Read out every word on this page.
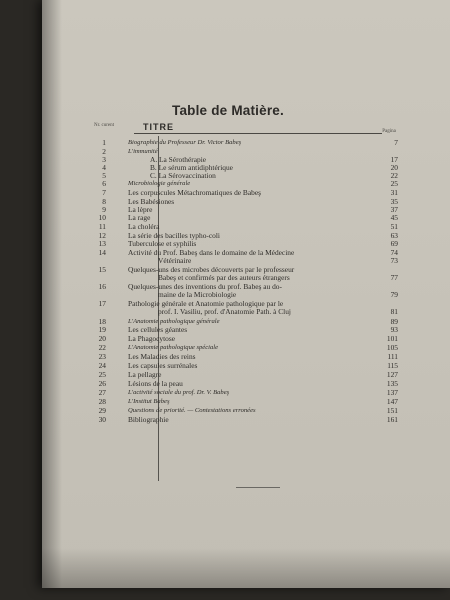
Table de Matière.
Nr. curent	TITRE	Pagina
1	Biographie du Professeur Dr. Victor Babeş	7
2	L'immunité
3	A. La Sérothérapie	17
4	B. Le sérum antidiphtérique	20
5	C. La Sérovaccination	22
6	Microbiologie générale	25
7	Les corpuscules Métachromatiques de Babeş	31
8	Les Babésiones	35
9	La lèpre	37
10	La rage	45
11	La choléra	51
12	La série des bacilles typho-coli	63
13	Tuberculose et syphilis	69
14	Activité du Prof. Babeş dans le domaine de la Médecine	74
Vétérinaire	73
15	Quelques-uns des microbes découverts par le professeur
Babeş et confirmés par des auteurs étrangers	77
16	Quelques-unes des inventions du prof. Babeş au do-
maine de la Microbiologie	79
17	Pathologie générale et Anatomie pathologique par le
prof. I. Vasiliu, prof. d'Anatomie Path. à Cluj	81
18	L'Anatomie pathologique générale	89
19	Les cellules géantes	93
20	La Phagocytose	101
22	L'Anatomie pathologique spéciale	105
23	Les Maladies des reins	111
24	Les capsules surrénales	115
25	La pellagre	127
26	Lésions de la peau	135
27	L'activité sociale du prof. Dr. V. Babeş	137
28	L'Institut Babeş	147
29	Questions de priorité. — Contestations erronées	151
30	Bibliographie	161
